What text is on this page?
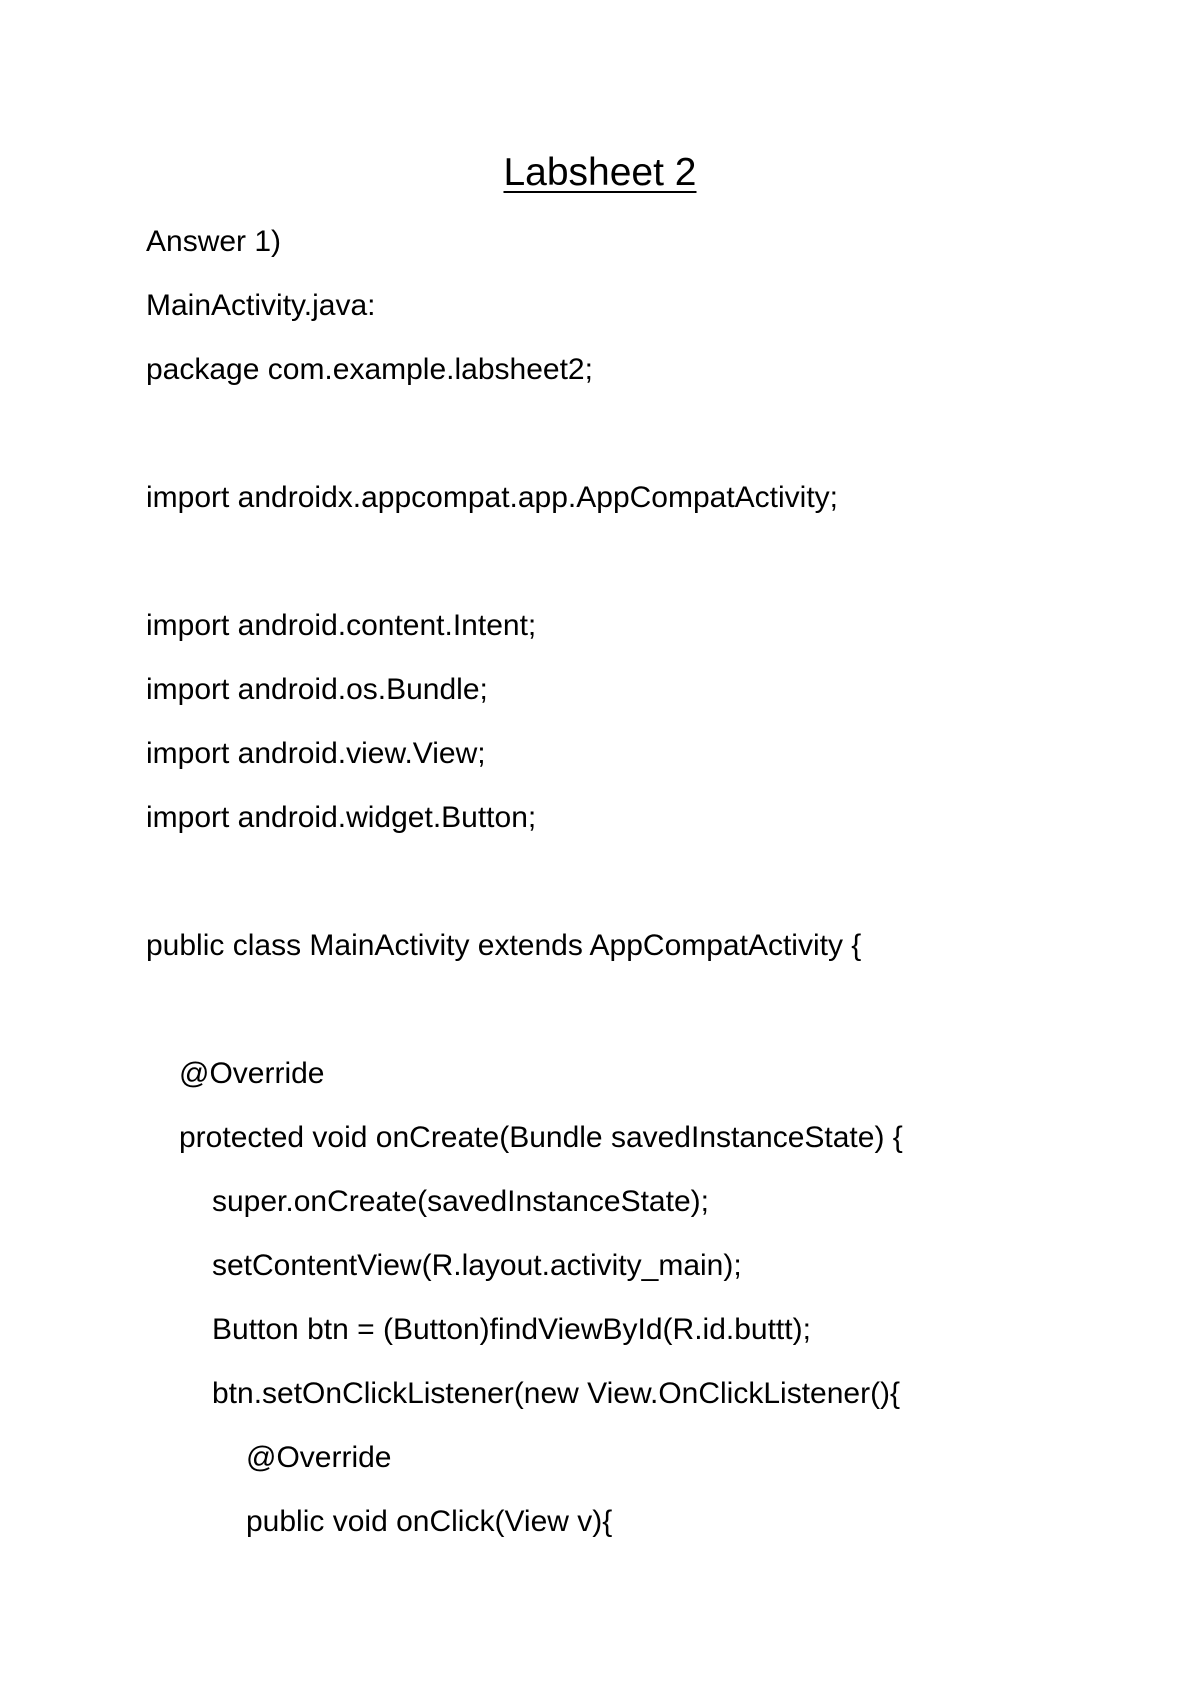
Labsheet 2
Answer 1)
MainActivity.java:
package com.example.labsheet2;
import androidx.appcompat.app.AppCompatActivity;
import android.content.Intent;
import android.os.Bundle;
import android.view.View;
import android.widget.Button;
public class MainActivity extends AppCompatActivity {
@Override
protected void onCreate(Bundle savedInstanceState) {
super.onCreate(savedInstanceState);
setContentView(R.layout.activity_main);
Button btn = (Button)findViewById(R.id.buttt);
btn.setOnClickListener(new View.OnClickListener(){
@Override
public void onClick(View v){
